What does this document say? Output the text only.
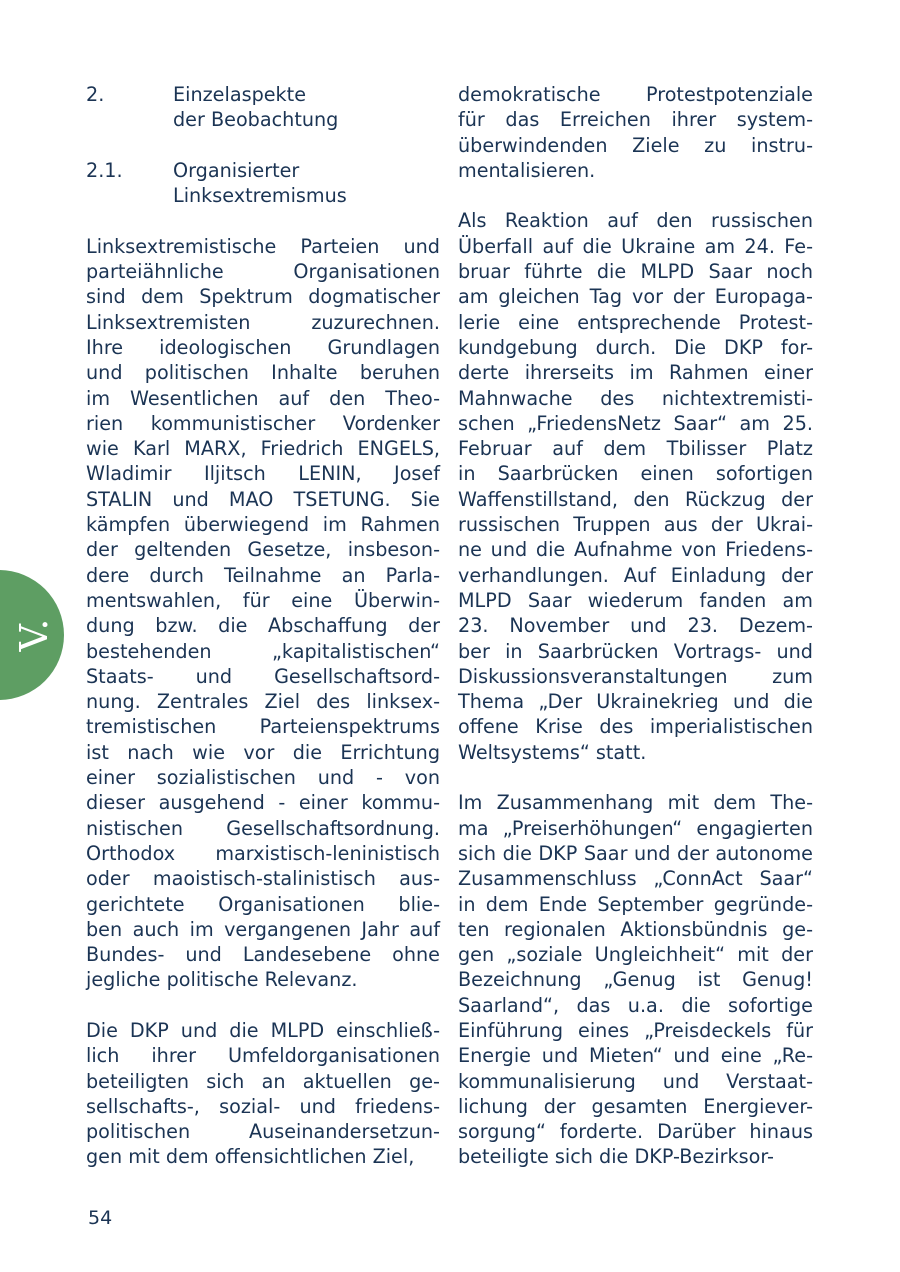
V.
2.	Einzelaspekte
der Beobachtung
2.1.	Organisierter
Linksextremismus

Linksextremistische Parteien und
parteiähnliche Organisationen
sind dem Spektrum dogmatischer
Linksextremisten zuzurechnen.
Ihre ideologischen Grundlagen
und politischen Inhalte beruhen
im Wesentlichen auf den Theo-
rien kommunistischer Vordenker
wie Karl MARX, Friedrich ENGELS,
Wladimir Iljitsch LENIN, Josef
STALIN und MAO TSETUNG. Sie
kämpfen überwiegend im Rahmen
der geltenden Gesetze, insbeson-
dere durch Teilnahme an Parla-
mentswahlen, für eine Überwin-
dung bzw. die Abschaffung der
bestehenden „kapitalistischen“
Staats- und Gesellschaftsord-
nung. Zentrales Ziel des linksex-
tremistischen Parteienspektrums
ist nach wie vor die Errichtung
einer sozialistischen und - von
dieser ausgehend - einer kommu-
nistischen Gesellschaftsordnung.
Orthodox marxistisch-leninistisch
oder maoistisch-stalinistisch aus-
gerichtete Organisationen blie-
ben auch im vergangenen Jahr auf
Bundes- und Landesebene ohne
jegliche politische Relevanz.

Die DKP und die MLPD einschließ-
lich ihrer Umfeldorganisationen
beteiligten sich an aktuellen ge-
sellschafts-, sozial- und friedens-
politischen Auseinandersetzun-
gen mit dem offensichtlichen Ziel,

demokratische Protestpotenziale
für das Erreichen ihrer system-
überwindenden Ziele zu instru-
mentalisieren.

Als Reaktion auf den russischen
Überfall auf die Ukraine am 24. Fe-
bruar führte die MLPD Saar noch
am gleichen Tag vor der Europaga-
lerie eine entsprechende Protest-
kundgebung durch. Die DKP for-
derte ihrerseits im Rahmen einer
Mahnwache des nichtextremisti-
schen „FriedensNetz Saar“ am 25.
Februar auf dem Tbilisser Platz
in Saarbrücken einen sofortigen
Waffenstillstand, den Rückzug der
russischen Truppen aus der Ukrai-
ne und die Aufnahme von Friedens-
verhandlungen. Auf Einladung der
MLPD Saar wiederum fanden am
23. November und 23. Dezem-
ber in Saarbrücken Vortrags- und
Diskussionsveranstaltungen zum
Thema „Der Ukrainekrieg und die
offene Krise des imperialistischen
Weltsystems“ statt.

Im Zusammenhang mit dem The-
ma „Preiserhöhungen“ engagierten
sich die DKP Saar und der autonome
Zusammenschluss „ConnAct Saar“
in dem Ende September gegründe-
ten regionalen Aktionsbündnis ge-
gen „soziale Ungleichheit“ mit der
Bezeichnung „Genug ist Genug!
Saarland“, das u.a. die sofortige
Einführung eines „Preisdeckels für
Energie und Mieten“ und eine „Re-
kommunalisierung und Verstaat-
lichung der gesamten Energiever-
sorgung“ forderte. Darüber hinaus
beteiligte sich die DKP-Bezirksor-

54
